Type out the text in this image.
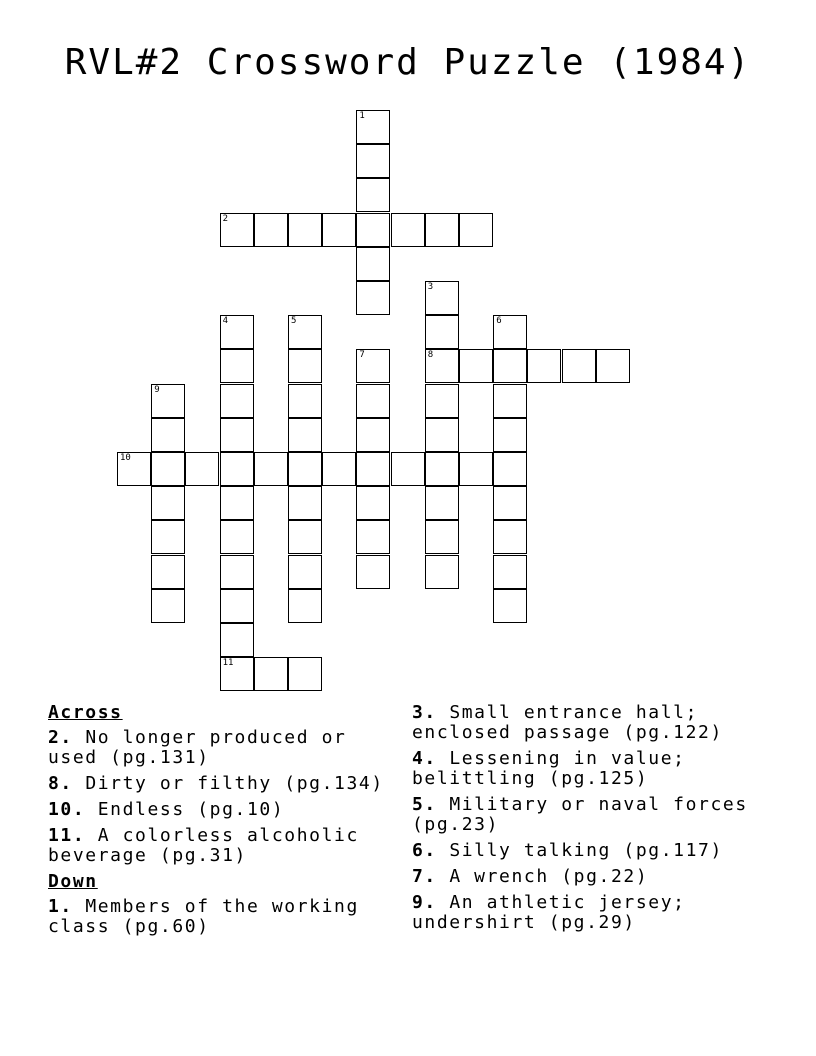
RVL#2 Crossword Puzzle (1984)
1
2
3
8
4
11
5	6
7
9
10
Across
2. No longer produced or used (pg.131)
8. Dirty or filthy (pg.134)
10. Endless (pg.10)
11. A colorless alcoholic beverage (pg.31)
Down
1. Members of the working class (pg.60)
3. Small entrance hall; enclosed passage (pg.122)
4. Lessening in value; belittling (pg.125)
5. Military or naval forces (pg.23)
6. Silly talking (pg.117)
7. A wrench (pg.22)
9. An athletic jersey; undershirt (pg.29)
